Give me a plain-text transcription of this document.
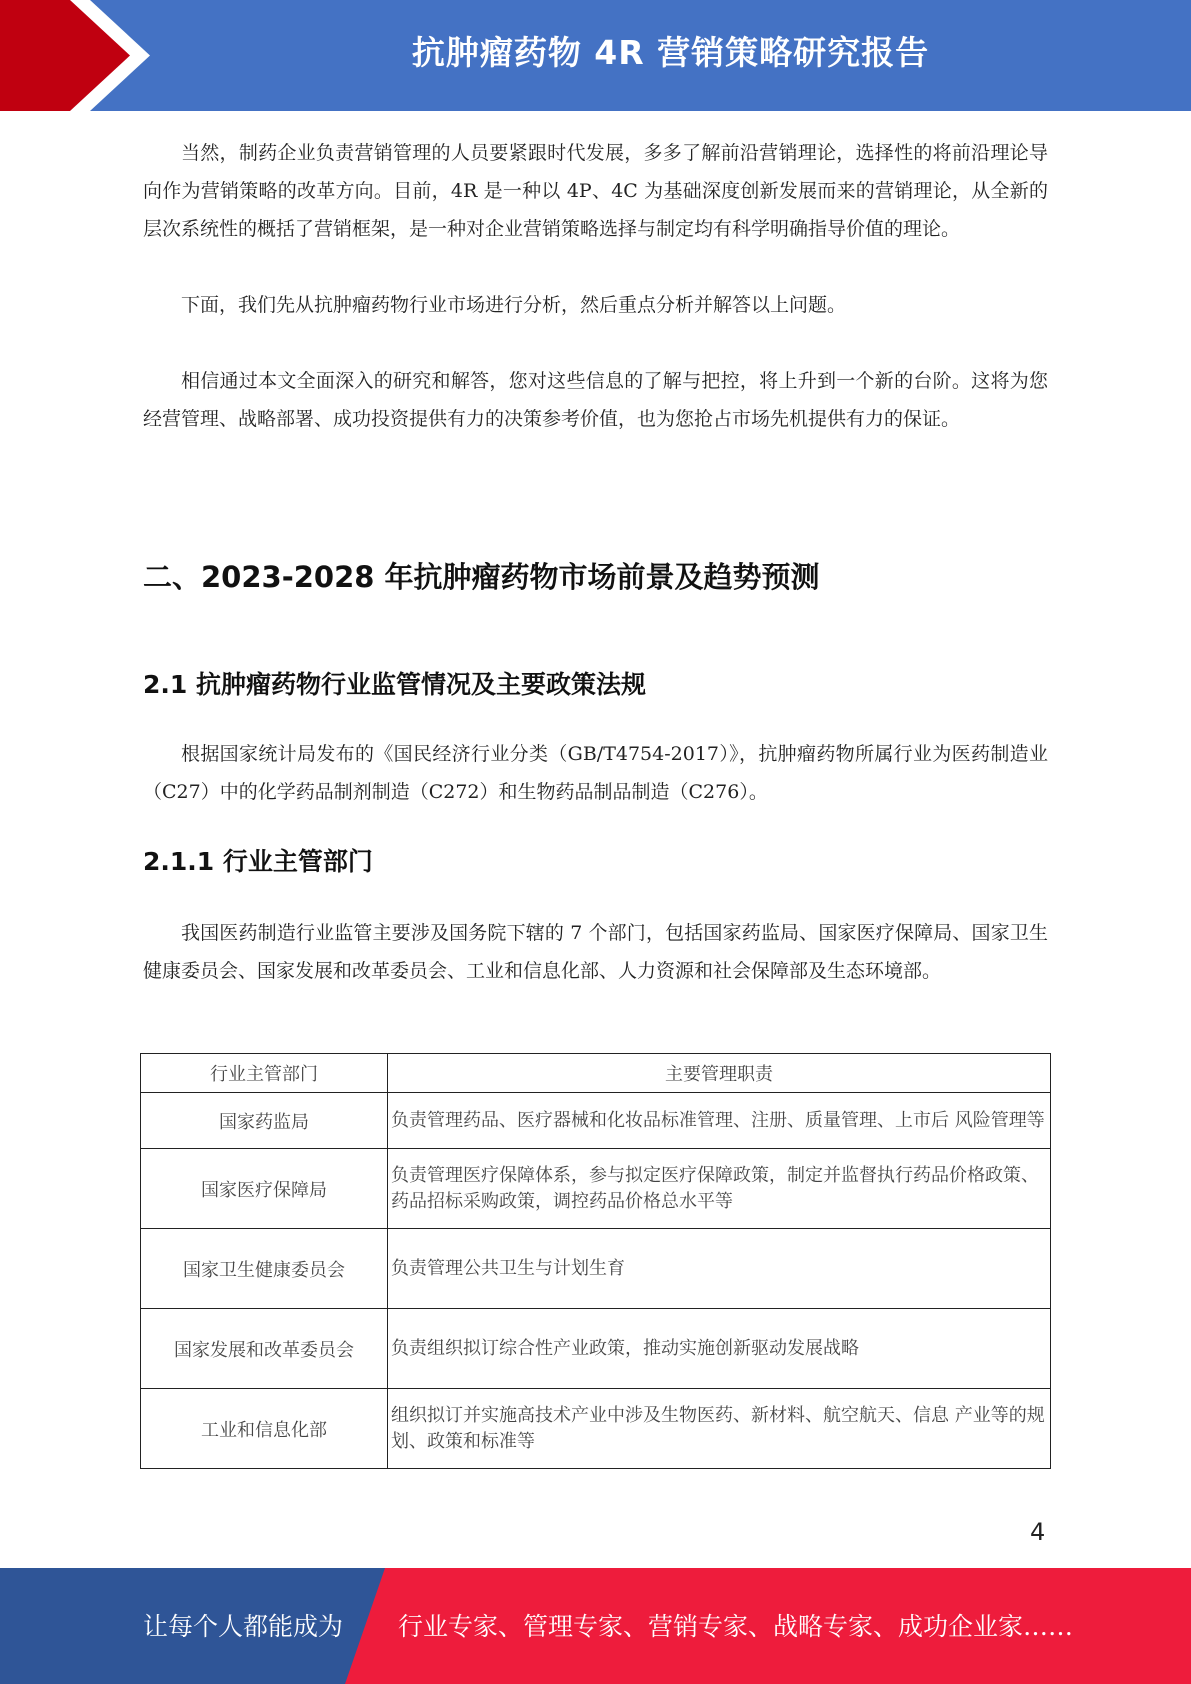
抗肿瘤药物 4R 营销策略研究报告

当然，制药企业负责营销管理的人员要紧跟时代发展，多多了解前沿营销理论，选择性的将前沿理论导向作为营销策略的改革方向。目前，4R 是一种以 4P、4C 为基础深度创新发展而来的营销理论，从全新的层次系统性的概括了营销框架，是一种对企业营销策略选择与制定均有科学明确指导价值的理论。

下面，我们先从抗肿瘤药物行业市场进行分析，然后重点分析并解答以上问题。

相信通过本文全面深入的研究和解答，您对这些信息的了解与把控，将上升到一个新的台阶。这将为您经营管理、战略部署、成功投资提供有力的决策参考价值，也为您抢占市场先机提供有力的保证。

二、2023-2028 年抗肿瘤药物市场前景及趋势预测
2.1 抗肿瘤药物行业监管情况及主要政策法规

根据国家统计局发布的《国民经济行业分类（GB/T4754-2017）》，抗肿瘤药物所属行业为医药制造业（C27）中的化学药品制剂制造（C272）和生物药品制品制造（C276）。

2.1.1 行业主管部门

我国医药制造行业监管主要涉及国务院下辖的 7 个部门，包括国家药监局、国家医疗保障局、国家卫生健康委员会、国家发展和改革委员会、工业和信息化部、人力资源和社会保障部及生态环境部。

行业主管部门	主要管理职责
国家药监局	负责管理药品、医疗器械和化妆品标准管理、注册、质量管理、上市后 风险管理等
国家医疗保障局	负责管理医疗保障体系，参与拟定医疗保障政策，制定并监督执行药品价格政策、药品招标采购政策，调控药品价格总水平等
国家卫生健康委员会	负责管理公共卫生与计划生育
国家发展和改革委员会	负责组织拟订综合性产业政策，推动实施创新驱动发展战略
工业和信息化部	组织拟订并实施高技术产业中涉及生物医药、新材料、航空航天、信息 产业等的规划、政策和标准等
4
让每个人都能成为 行业专家、管理专家、营销专家、战略专家、成功企业家……
